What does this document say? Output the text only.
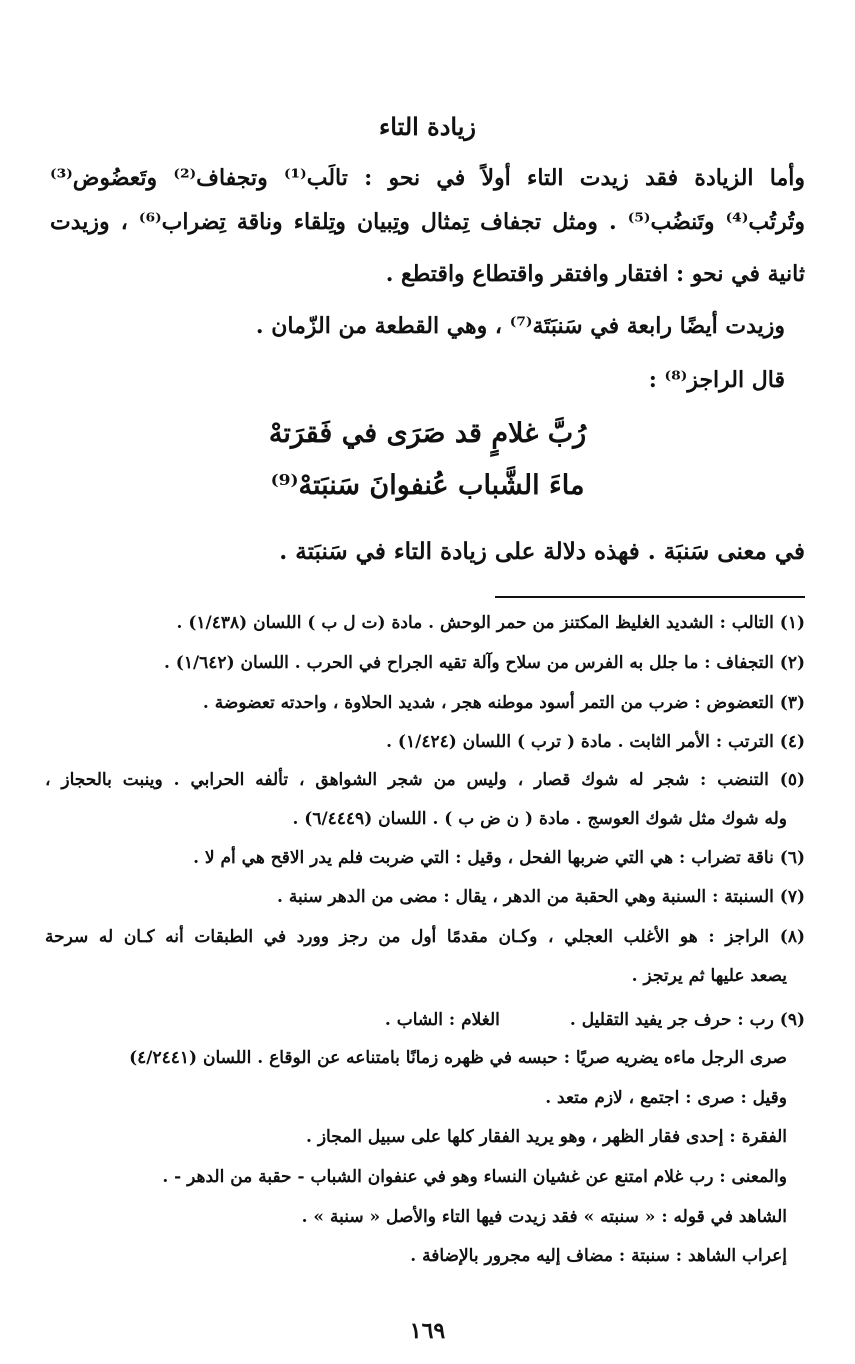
زيادة التاء
وأما الزيادة فقد زيدت التاء أولاً في نحو : تالَب⁽¹⁾ وتجفاف⁽²⁾ وتَعضُوض⁽³⁾
وتُرتُب⁽⁴⁾ وتَنضُب⁽⁵⁾ . ومثل تجفاف تِمثال وتِبيان وتِلقاء وناقة تِضراب⁽⁶⁾ ، وزيدت
ثانية في نحو : افتقار وافتقر واقتطاع واقتطع .
وزيدت أيضًا رابعة في سَنبَتَة⁽⁷⁾ ، وهي القطعة من الزّمان .
قال الراجز⁽⁸⁾ :
رُبَّ غلامٍ قد صَرَى في فَقرَتهْ
ماءَ الشَّباب عُنفوانَ سَنبَتهْ⁽⁹⁾
في معنى سَنبَة . فهذه دلالة على زيادة التاء في سَنبَتة .
(١) التالب : الشديد الغليظ المكتنز من حمر الوحش . مادة (ت ل ب ) اللسان (١/٤٣٨) .
(٢) التجفاف : ما جلل به الفرس من سلاح وآلة تقيه الجراح في الحرب . اللسان (١/٦٤٢) .
(٣) التعضوض : ضرب من التمر أسود موطنه هجر ، شديد الحلاوة ، واحدته تعضوضة .
(٤) الترتب : الأمر الثابت . مادة ( ترب ) اللسان (١/٤٢٤) .
(٥) التنضب : شجر له شوك قصار ، وليس من شجر الشواهق ، تألفه الحرابي . وينبت بالحجاز ،
وله شوك مثل شوك العوسج . مادة ( ن ض ب ) . اللسان (٦/٤٤٤٩) .
(٦) ناقة تضراب : هي التي ضربها الفحل ، وقيل : التي ضربت فلم يدر الاقح هي أم لا .
(٧) السنبتة : السنبة وهي الحقبة من الدهر ، يقال : مضى من الدهر سنبة .
(٨) الراجز : هو الأغلب العجلي ، وكـان مقدمًا أول من رجز وورد في الطبقات أنه كـان له سرحة
يصعد عليها ثم يرتجز .
(٩) رب : حرف جر يفيد التقليل .الغلام : الشاب .
صرى الرجل ماءه يضريه صريًا : حبسه في ظهره زمانًا بامتناعه عن الوقاع . اللسان (٤/٢٤٤١)
وقيل : صرى : اجتمع ، لازم متعد .
الفقرة : إحدى فقار الظهر ، وهو يريد الفقار كلها على سبيل المجاز .
والمعنى : رب غلام امتنع عن غشيان النساء وهو في عنفوان الشباب - حقبة من الدهر - .
الشاهد في قوله : « سنبته » فقد زيدت فيها التاء والأصل « سنبة » .
إعراب الشاهد : سنبتة : مضاف إليه مجرور بالإضافة .
١٦٩
